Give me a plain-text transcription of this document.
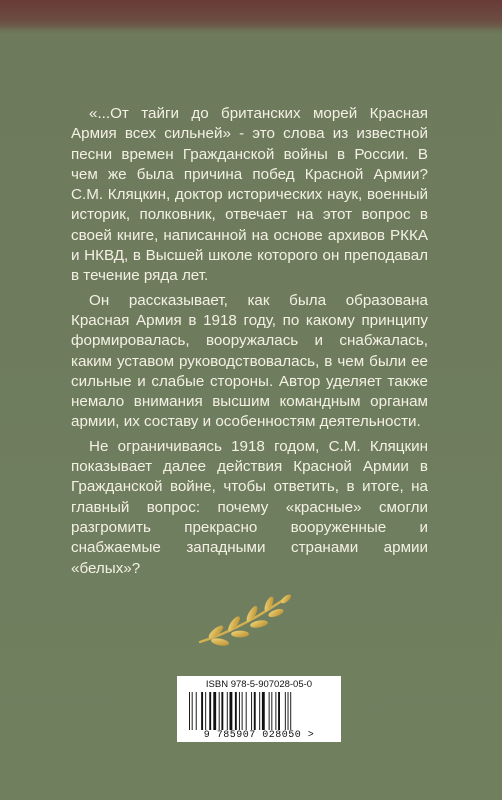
«...От тайги до британских морей Красная Армия всех сильней» - это слова из известной песни времен Гражданской войны в России. В чем же была причина побед Красной Армии? С.М. Кляцкин, доктор исторических наук, военный историк, полковник, отвечает на этот вопрос в своей книге, написанной на основе архивов РККА и НКВД, в Высшей школе которого он преподавал в течение ряда лет.

Он рассказывает, как была образована Красная Армия в 1918 году, по какому принципу формировалась, вооружалась и снабжалась, каким уставом руководствовалась, в чем были ее сильные и слабые стороны. Автор уделяет также немало внимания высшим командным органам армии, их составу и особенностям деятельности.

Не ограничиваясь 1918 годом, С.М. Кляцкин показывает далее действия Красной Армии в Гражданской войне, чтобы ответить, в итоге, на главный вопрос: почему «красные» смогли разгромить прекрасно вооруженные и снабжаемые западными странами армии «белых»?

ISBN 978-5-907028-05-0
9 785907 028050 >
